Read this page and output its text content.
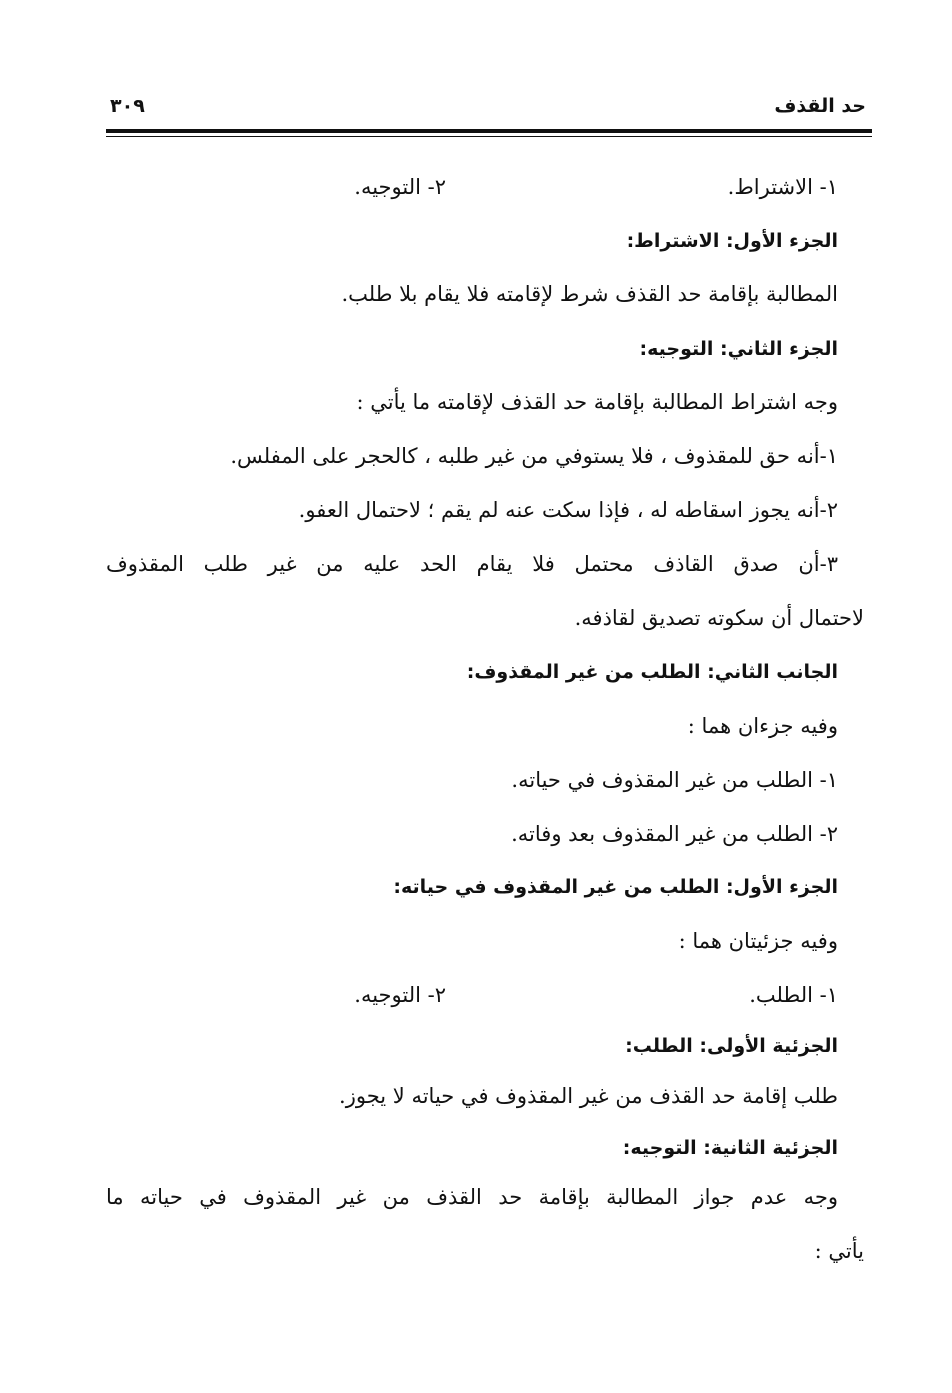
حد القذف
٣٠٩
١- الاشتراط.
٢- التوجيه.
الجزء الأول: الاشتراط:
المطالبة بإقامة حد القذف شرط لإقامته فلا يقام بلا طلب.
الجزء الثاني: التوجيه:
وجه اشتراط المطالبة بإقامة حد القذف لإقامته ما يأتي :
١-أنه حق للمقذوف ، فلا يستوفي من غير طلبه ، كالحجر على المفلس.
٢-أنه يجوز اسقاطه له ، فإذا سكت عنه لم يقم ؛ لاحتمال العفو.
٣-أن صدق القاذف محتمل فلا يقام الحد عليه من غير طلب المقذوف
لاحتمال أن سكوته تصديق لقاذفه.
الجانب الثاني: الطلب من غير المقذوف:
وفيه جزءان هما :
١- الطلب من غير المقذوف في حياته.
٢- الطلب من غير المقذوف بعد وفاته.
الجزء الأول: الطلب من غير المقذوف في حياته:
وفيه جزئيتان هما :
١- الطلب.
٢- التوجيه.
الجزئية الأولى: الطلب:
طلب إقامة حد القذف من غير المقذوف في حياته لا يجوز.
الجزئية الثانية: التوجيه:
وجه عدم جواز المطالبة بإقامة حد القذف من غير المقذوف في حياته ما
يأتي :
